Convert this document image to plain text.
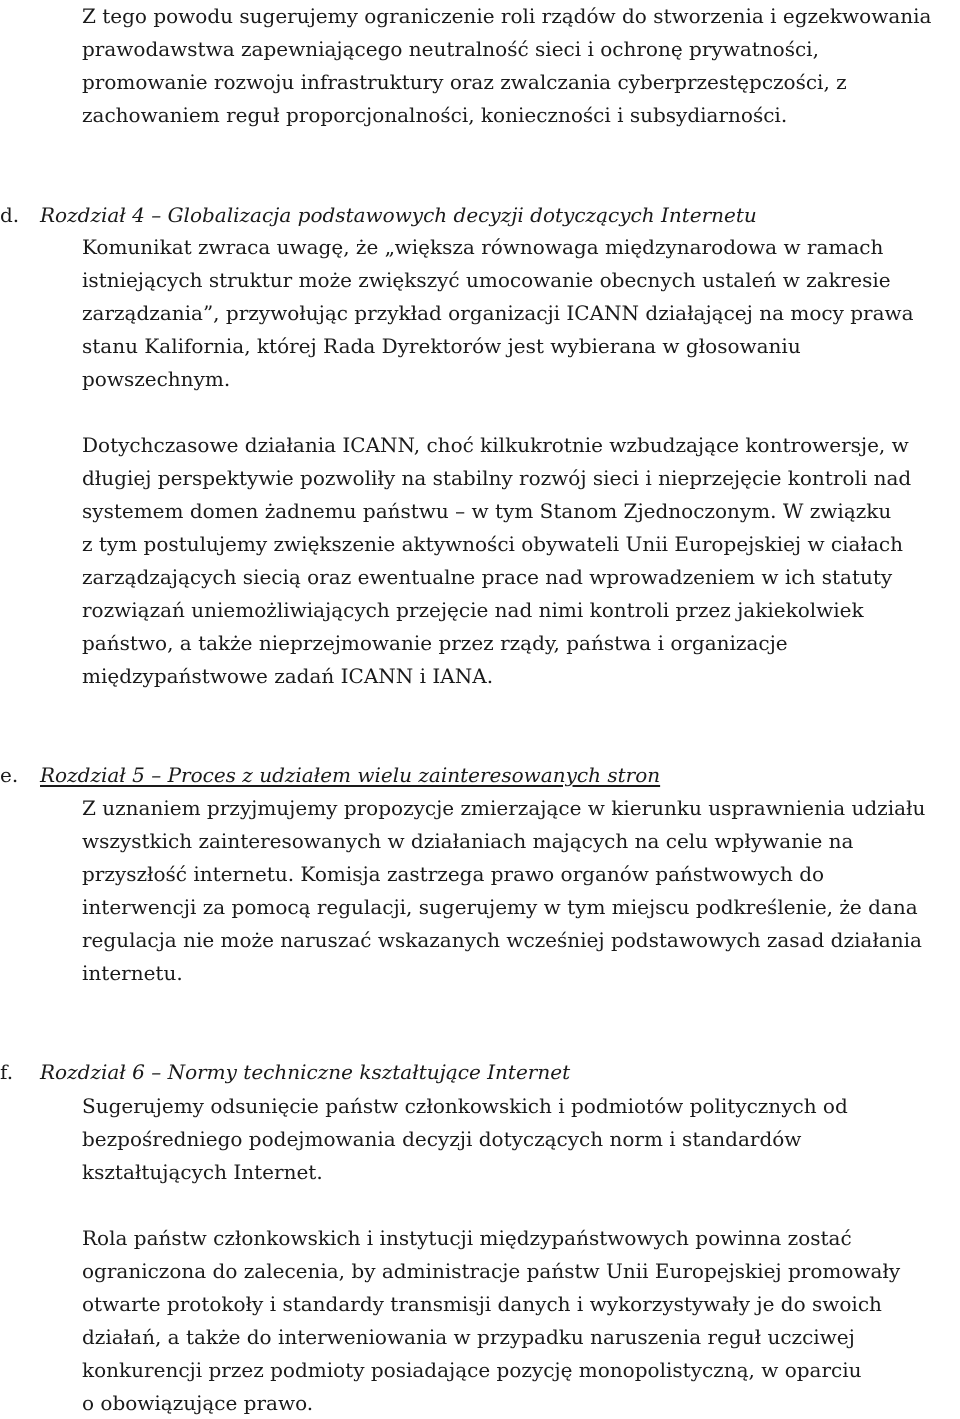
Z tego powodu sugerujemy ograniczenie roli rządów do stworzenia i egzekwowania
prawodawstwa zapewniającego neutralność sieci i ochronę prywatności,
promowanie rozwoju infrastruktury oraz zwalczania cyberprzestępczości, z
zachowaniem reguł proporcjonalności, konieczności i subsydiarności.
d. Rozdział 4 – Globalizacja podstawowych decyzji dotyczących Internetu
Komunikat zwraca uwagę, że „większa równowaga międzynarodowa w ramach
istniejących struktur może zwiększyć umocowanie obecnych ustaleń w zakresie
zarządzania”, przywołując przykład organizacji ICANN działającej na mocy prawa
stanu Kalifornia, której Rada Dyrektorów jest wybierana w głosowaniu
powszechnym.
Dotychczasowe działania ICANN, choć kilkukrotnie wzbudzające kontrowersje, w
długiej perspektywie pozwoliły na stabilny rozwój sieci i nieprzejęcie kontroli nad
systemem domen żadnemu państwu – w tym Stanom Zjednoczonym. W związku
z tym postulujemy zwiększenie aktywności obywateli Unii Europejskiej w ciałach
zarządzających siecią oraz ewentualne prace nad wprowadzeniem w ich statuty
rozwiązań uniemożliwiających przejęcie nad nimi kontroli przez jakiekolwiek
państwo, a także nieprzejmowanie przez rządy, państwa i organizacje
międzypaństwowe zadań ICANN i IANA.
e. Rozdział 5 – Proces z udziałem wielu zainteresowanych stron
Z uznaniem przyjmujemy propozycje zmierzające w kierunku usprawnienia udziału
wszystkich zainteresowanych w działaniach mających na celu wpływanie na
przyszłość internetu. Komisja zastrzega prawo organów państwowych do
interwencji za pomocą regulacji, sugerujemy w tym miejscu podkreślenie, że dana
regulacja nie może naruszać wskazanych wcześniej podstawowych zasad działania
internetu.
f. Rozdział 6 – Normy techniczne kształtujące Internet
Sugerujemy odsunięcie państw członkowskich i podmiotów politycznych od
bezpośredniego podejmowania decyzji dotyczących norm i standardów
kształtujących Internet.
Rola państw członkowskich i instytucji międzypaństwowych powinna zostać
ograniczona do zalecenia, by administracje państw Unii Europejskiej promowały
otwarte protokoły i standardy transmisji danych i wykorzystywały je do swoich
działań, a także do interweniowania w przypadku naruszenia reguł uczciwej
konkurencji przez podmioty posiadające pozycję monopolistyczną, w oparciu
o obowiązujące prawo.
